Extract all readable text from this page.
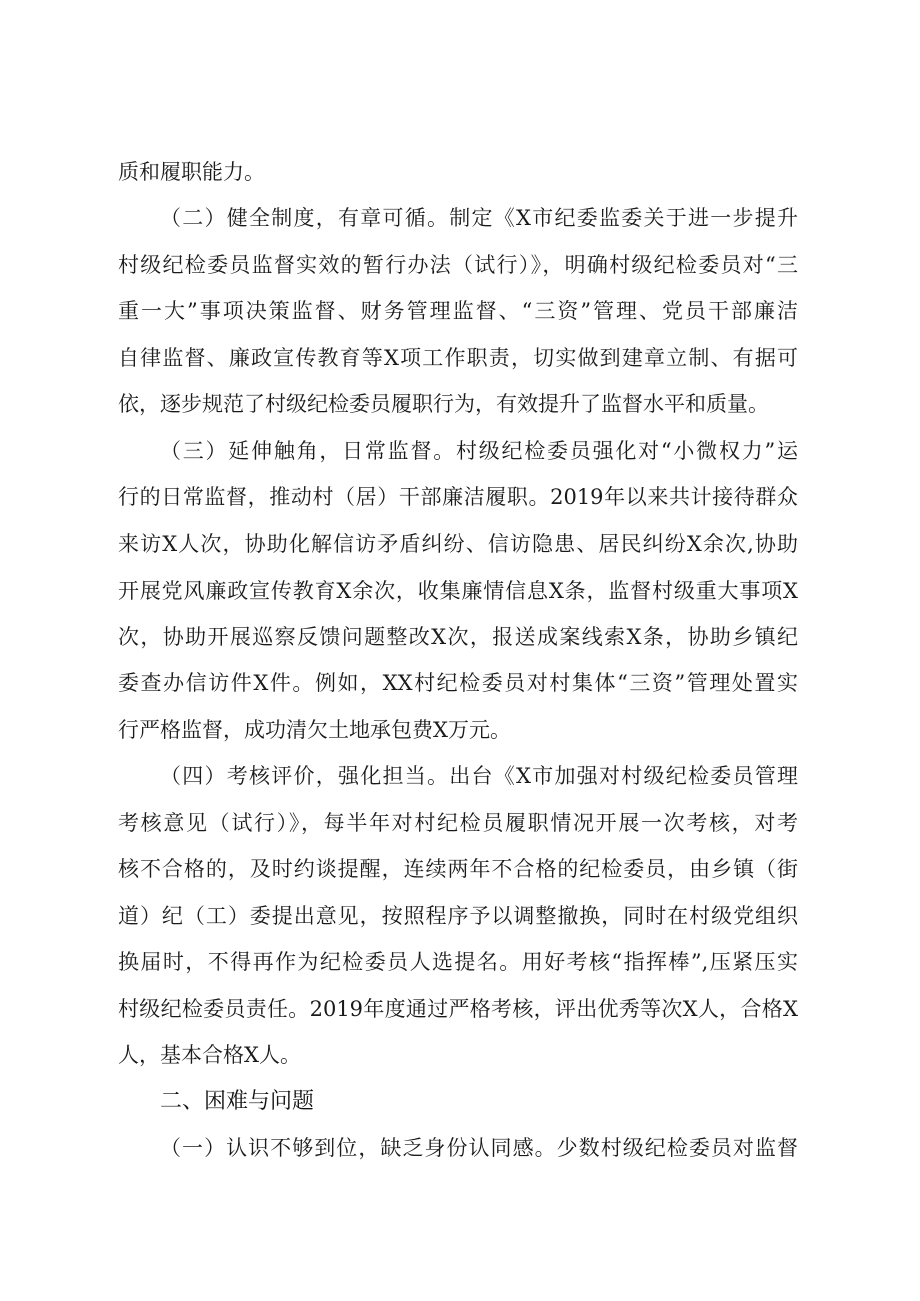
质和履职能力。
（二）健全制度，有章可循。制定《X市纪委监委关于进一步提升
村级纪检委员监督实效的暂行办法（试行）》，明确村级纪检委员对“三
重一大”事项决策监督、财务管理监督、“三资”管理、党员干部廉洁
自律监督、廉政宣传教育等X项工作职责，切实做到建章立制、有据可
依，逐步规范了村级纪检委员履职行为，有效提升了监督水平和质量。
（三）延伸触角，日常监督。村级纪检委员强化对“小微权力”运
行的日常监督，推动村（居）干部廉洁履职。2019年以来共计接待群众
来访X人次，协助化解信访矛盾纠纷、信访隐患、居民纠纷X余次,协助
开展党风廉政宣传教育X余次，收集廉情信息X条，监督村级重大事项X
次，协助开展巡察反馈问题整改X次，报送成案线索X条，协助乡镇纪
委查办信访件X件。例如，XX村纪检委员对村集体“三资”管理处置实
行严格监督，成功清欠土地承包费X万元。
（四）考核评价，强化担当。出台《X市加强对村级纪检委员管理
考核意见（试行）》，每半年对村纪检员履职情况开展一次考核，对考
核不合格的，及时约谈提醒，连续两年不合格的纪检委员，由乡镇（街
道）纪（工）委提出意见，按照程序予以调整撤换，同时在村级党组织
换届时，不得再作为纪检委员人选提名。用好考核“指挥棒”,压紧压实
村级纪检委员责任。2019年度通过严格考核，评出优秀等次X人，合格X
人，基本合格X人。
二、困难与问题
（一）认识不够到位，缺乏身份认同感。少数村级纪检委员对监督
